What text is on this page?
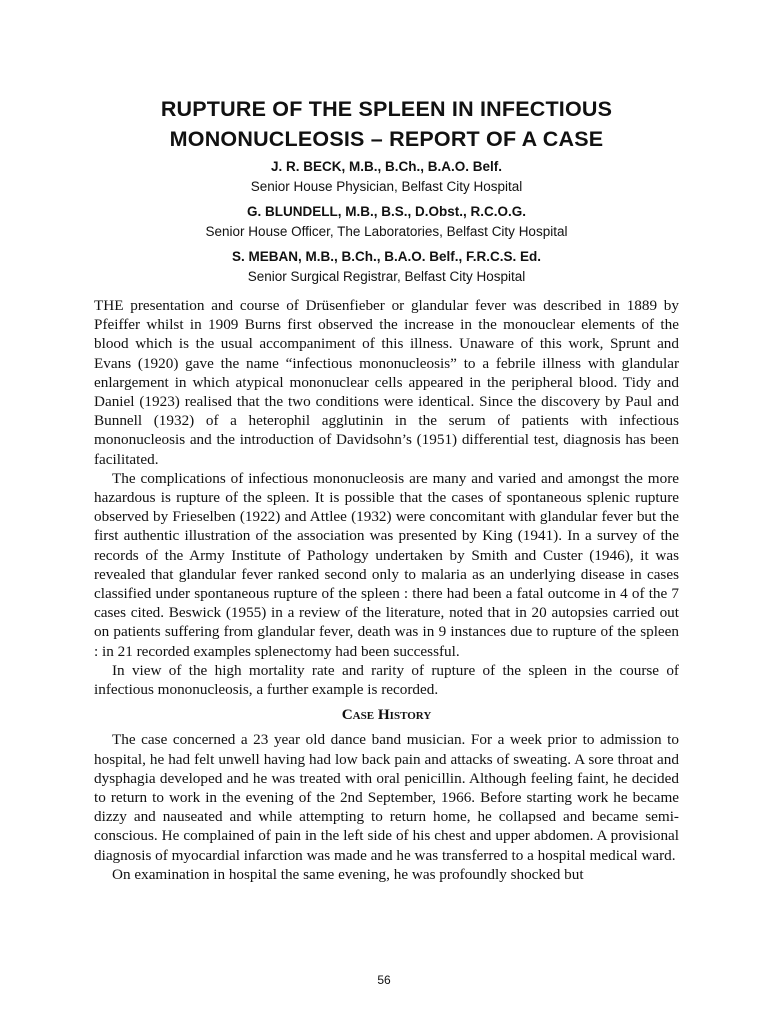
RUPTURE OF THE SPLEEN IN INFECTIOUS
MONONUCLEOSIS – REPORT OF A CASE

J. R. BECK, M.B., B.Ch., B.A.O. Belf.

Senior House Physician, Belfast City Hospital

G. BLUNDELL, M.B., B.S., D.Obst., R.C.O.G.

Senior House Officer, The Laboratories, Belfast City Hospital

S. MEBAN, M.B., B.Ch., B.A.O. Belf., F.R.C.S. Ed.

Senior Surgical Registrar, Belfast City Hospital

THE presentation and course of Drüsenfieber or glandular fever was described in 1889 by Pfeiffer whilst in 1909 Burns first observed the increase in the monouclear elements of the blood which is the usual accompaniment of this illness. Unaware of this work, Sprunt and Evans (1920) gave the name “infectious mononucleosis” to a febrile illness with glandular enlargement in which atypical mononuclear cells appeared in the peripheral blood. Tidy and Daniel (1923) realised that the two conditions were identical. Since the discovery by Paul and Bunnell (1932) of a heterophil agglutinin in the serum of patients with infectious mononucleosis and the introduction of Davidsohn’s (1951) differential test, diagnosis has been facilitated.

The complications of infectious mononucleosis are many and varied and amongst the more hazardous is rupture of the spleen. It is possible that the cases of spontaneous splenic rupture observed by Frieselben (1922) and Attlee (1932) were concomitant with glandular fever but the first authentic illustration of the association was presented by King (1941). In a survey of the records of the Army Institute of Pathology undertaken by Smith and Custer (1946), it was revealed that glandular fever ranked second only to malaria as an underlying disease in cases classified under spontaneous rupture of the spleen : there had been a fatal outcome in 4 of the 7 cases cited. Beswick (1955) in a review of the literature, noted that in 20 autopsies carried out on patients suffering from glandular fever, death was in 9 instances due to rupture of the spleen : in 21 recorded examples splenectomy had been successful.

In view of the high mortality rate and rarity of rupture of the spleen in the course of infectious mononucleosis, a further example is recorded.

Case History

The case concerned a 23 year old dance band musician. For a week prior to admission to hospital, he had felt unwell having had low back pain and attacks of sweating. A sore throat and dysphagia developed and he was treated with oral penicillin. Although feeling faint, he decided to return to work in the evening of the 2nd September, 1966. Before starting work he became dizzy and nauseated and while attempting to return home, he collapsed and became semi-conscious. He complained of pain in the left side of his chest and upper abdomen. A provisional diagnosis of myocardial infarction was made and he was transferred to a hospital medical ward.

On examination in hospital the same evening, he was profoundly shocked but

56
